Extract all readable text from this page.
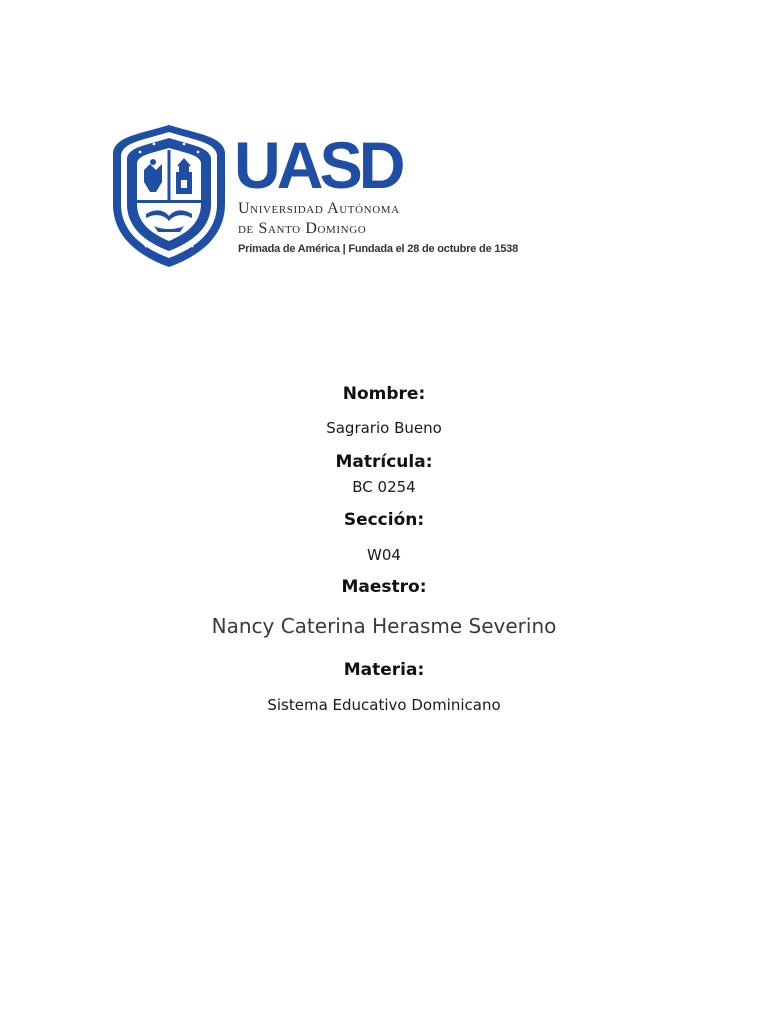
UASD
Universidad Autónoma
de Santo Domingo
Primada de América | Fundada el 28 de octubre de 1538
Nombre:
Sagrario Bueno
Matrícula:
BC 0254
Sección:
W04
Maestro:
Nancy Caterina Herasme Severino
Materia:
Sistema Educativo Dominicano
